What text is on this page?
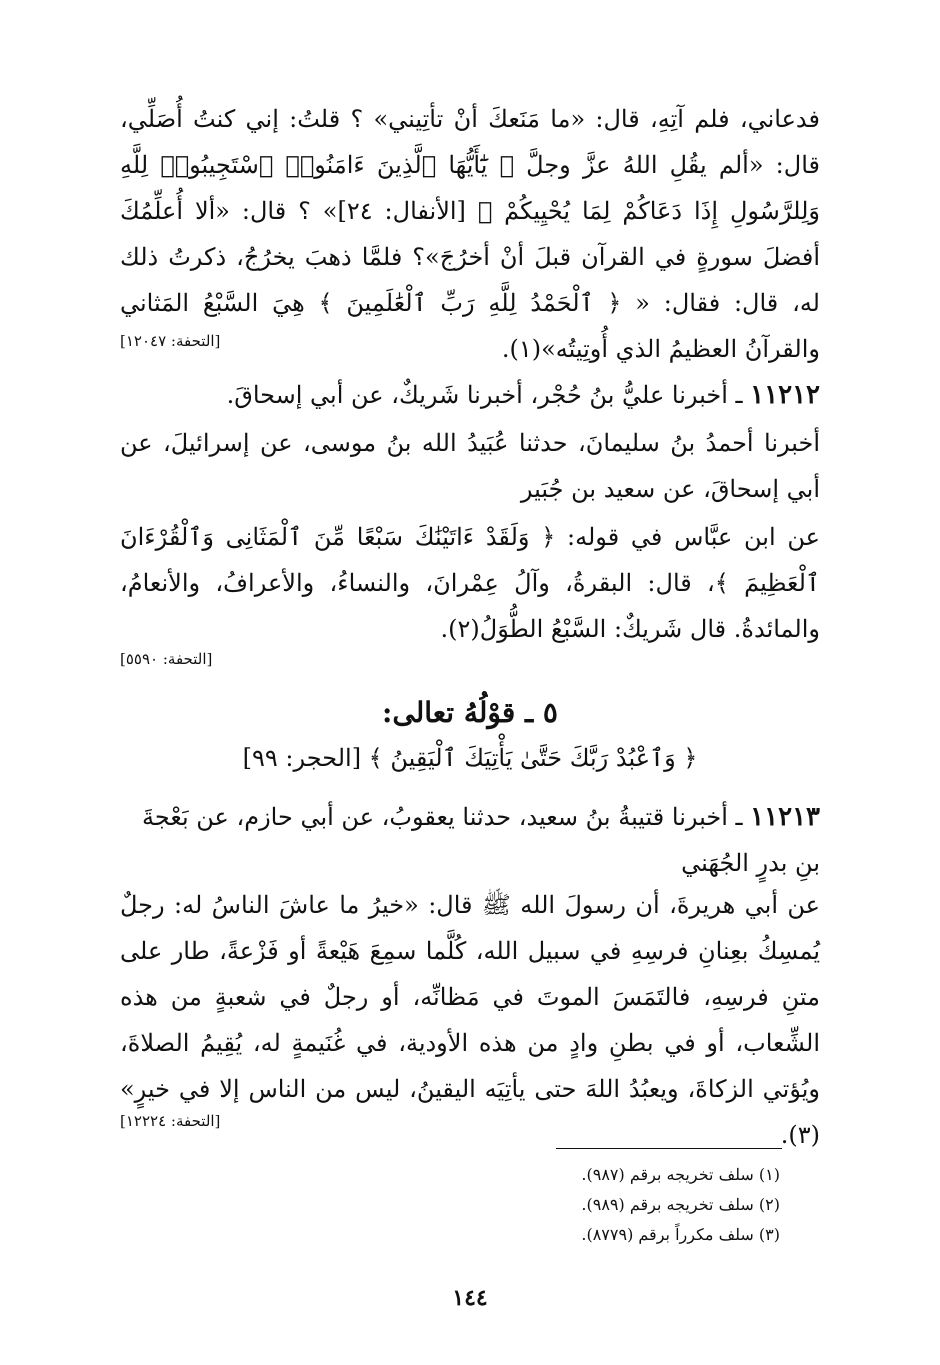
فدعاني، فلم آتِهِ، قال: «ما مَنَعكَ أنْ تأتِيني» ؟ قلتُ: إني كنتُ أُصَلِّي، قال: «ألم يقُلِ اللهُ عزَّ وجلَّ ﴿ يَٰٓأَيُّهَا ٱلَّذِينَ ءَامَنُوا۟ ٱسْتَجِيبُوا۟ لِلَّهِ وَلِلرَّسُولِ إِذَا دَعَاكُمْ لِمَا يُحْيِيكُمْ ﴾ [الأنفال: ٢٤]» ؟ قال: «ألا أُعلِّمُكَ أفضلَ سورةٍ في القرآن قبلَ أنْ أخرُجَ»؟ فلمَّا ذهبَ يخرُجُ، ذكرتُ ذلك له، قال: فقال: « ﴿ ٱلْحَمْدُ لِلَّهِ رَبِّ ٱلْعَٰلَمِينَ ﴾ هِيَ السَّبْعُ المَثاني والقرآنُ العظيمُ الذي أُوتِيتُه»(١).
[التحفة: ١٢٠٤٧]
١١٢١٢ ـ أخبرنا عليُّ بنُ حُجْر، أخبرنا شَريكٌ، عن أبي إسحاقَ.
أخبرنا أحمدُ بنُ سليمانَ، حدثنا عُبَيدُ الله بنُ موسى، عن إسرائيلَ، عن أبي إسحاقَ، عن سعيد بن جُبَير
عن ابن عبَّاس في قوله: ﴿ وَلَقَدْ ءَاتَيْنَٰكَ سَبْعًا مِّنَ ٱلْمَثَانِى وَٱلْقُرْءَانَ ٱلْعَظِيمَ ﴾، قال: البقرةُ، وآلُ عِمْرانَ، والنساءُ، والأعرافُ، والأنعامُ، والمائدةُ. قال شَريكٌ: السَّبْعُ الطُّوَلُ(٢).
[التحفة: ٥٥٩٠]
٥ ـ قوْلُهُ تعالى:
﴿ وَٱعْبُدْ رَبَّكَ حَتَّىٰ يَأْتِيَكَ ٱلْيَقِينُ ﴾ [الحجر: ٩٩]
١١٢١٣ ـ أخبرنا قتيبةُ بنُ سعيد، حدثنا يعقوبُ، عن أبي حازم، عن بَعْجةَ بنِ بدرٍ الجُهَني
عن أبي هريرةَ، أن رسولَ الله ﷺ قال: «خيرُ ما عاشَ الناسُ له: رجلٌ يُمسِكُ بعِنانِ فرسِهِ في سبيل الله، كُلَّما سمِعَ هَيْعةً أو فَزْعةً، طار على متنِ فرسِهِ، فالتَمَسَ الموتَ في مَظانِّه، أو رجلٌ في شعبةٍ من هذه الشِّعاب، أو في بطنِ وادٍ من هذه الأودية، في غُنَيمةٍ له، يُقِيمُ الصلاةَ، ويُؤتي الزكاةَ، ويعبُدُ اللهَ حتى يأتِيَه اليقينُ، ليس من الناس إلا في خيرٍ» (٣).
[التحفة: ١٢٢٢٤]
(١) سلف تخريجه برقم (٩٨٧).
(٢) سلف تخريجه برقم (٩٨٩).
(٣) سلف مكرراً برقم (٨٧٧٩).
١٤٤
